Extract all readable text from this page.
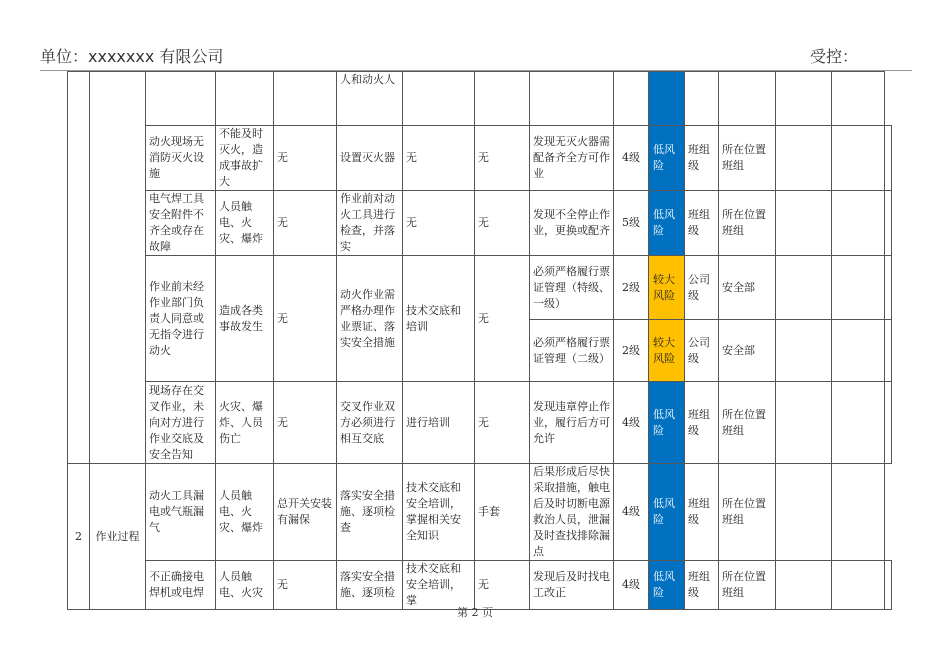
单位：xxxxxxx 有限公司	受控：
					人和动火人										
		动火现场无消防灭火设施	不能及时灭火，造成事故扩大	无	设置灭火器	无	无	发现无灭火器需配备齐全方可作业	4级	低风险	班组级	所在位置班组			
		电气焊工具安全附件不齐全或存在故障	人员触电、火灾、爆炸	无	作业前对动火工具进行检查，并落实	无	无	发现不全停止作业，更换或配齐	5级	低风险	班组级	所在位置班组			
		作业前未经作业部门负责人同意或无指令进行动火	造成各类事故发生	无	动火作业需严格办理作业票证、落实安全措施	技术交底和培训	无	必须严格履行票证管理（特级、一级）	2级	较大风险	公司级	安全部			
								必须严格履行票证管理（二级）	2级	较大风险	公司级	安全部			
		现场存在交叉作业，未向对方进行作业交底及安全告知	火灾、爆炸、人员伤亡	无	交叉作业双方必须进行相互交底	进行培训	无	发现违章停止作业，履行后方可允许	4级	低风险	班组级	所在位置班组			
2	作业过程	动火工具漏电或气瓶漏气	人员触电、火灾、爆炸	总开关安装有漏保	落实安全措施、逐项检查	技术交底和安全培训，掌握相关安全知识	手套	后果形成后尽快采取措施，触电后及时切断电源救治人员，泄漏及时查找排除漏点	4级	低风险	班组级	所在位置班组			
		不正确接电焊机或电焊	人员触电、火灾	无	落实安全措施、逐项检	技术交底和安全培训，掌	无	发现后及时找电工改正	4级	低风险	班组级	所在位置班组			
第 2 页
